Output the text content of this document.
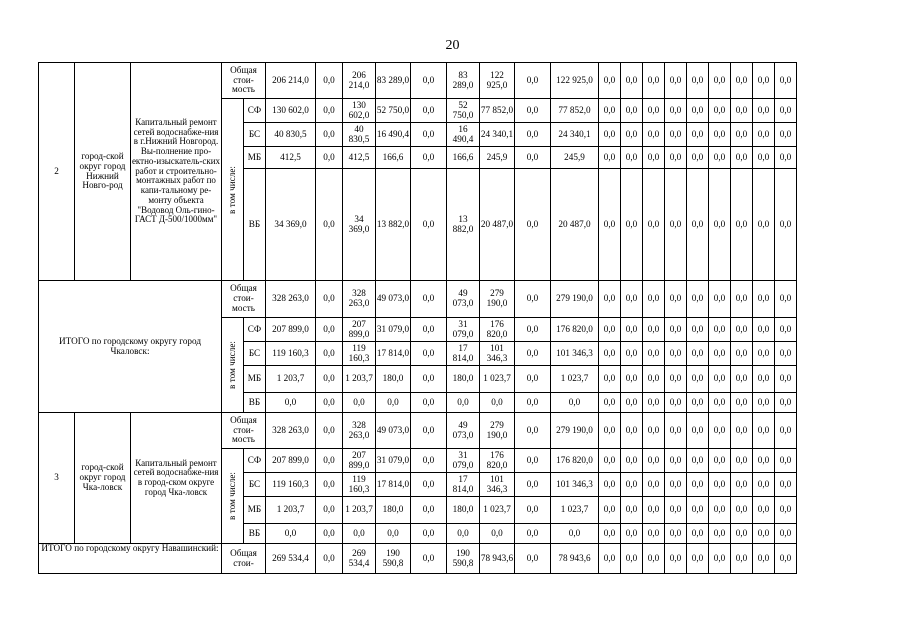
20
2	город-ской округ город Нижний Новго-род	Капитальный ремонт сетей водоснабже-ния в г.Нижний Новгород. Вы-полнение про-ектно-изыскатель-ских работ и строительно-монтажных работ по капи-тальному ре-монту объекта "Водовод Оль-гино-ГАСТ Д-500/1000мм"	Общая стои-мость		206 214,0	0,0	206 214,0	83 289,0	0,0	83 289,0	122 925,0	0,0	122 925,0	0,0	0,0	0,0	0,0	0,0	0,0	0,0	0,0	0,0

			в том числе:	СФ	130 602,0	0,0	130 602,0	52 750,0	0,0	52 750,0	77 852,0	0,0	77 852,0	0,0	0,0	0,0	0,0	0,0	0,0	0,0	0,0	0,0
				БС	40 830,5	0,0	40 830,5	16 490,4	0,0	16 490,4	24 340,1	0,0	24 340,1	0,0	0,0	0,0	0,0	0,0	0,0	0,0	0,0	0,0
				МБ	412,5	0,0	412,5	166,6	0,0	166,6	245,9	0,0	245,9	0,0	0,0	0,0	0,0	0,0	0,0	0,0	0,0	0,0
				ВБ	34 369,0	0,0	34 369,0	13 882,0	0,0	13 882,0	20 487,0	0,0	20 487,0	0,0	0,0	0,0	0,0	0,0	0,0	0,0	0,0	0,0
ИТОГО по городскому округу город Чкаловск:			Общая стои-мость		328 263,0	0,0	328 263,0	49 073,0	0,0	49 073,0	279 190,0	0,0	279 190,0	0,0	0,0	0,0	0,0	0,0	0,0	0,0	0,0	0,0

			в том числе:	СФ	207 899,0	0,0	207 899,0	31 079,0	0,0	31 079,0	176 820,0	0,0	176 820,0	0,0	0,0	0,0	0,0	0,0	0,0	0,0	0,0	0,0
				БС	119 160,3	0,0	119 160,3	17 814,0	0,0	17 814,0	101 346,3	0,0	101 346,3	0,0	0,0	0,0	0,0	0,0	0,0	0,0	0,0	0,0
				МБ	1 203,7	0,0	1 203,7	180,0	0,0	180,0	1 023,7	0,0	1 023,7	0,0	0,0	0,0	0,0	0,0	0,0	0,0	0,0	0,0
				ВБ	0,0	0,0	0,0	0,0	0,0	0,0	0,0	0,0	0,0	0,0	0,0	0,0	0,0	0,0	0,0	0,0	0,0	0,0
3	город-ской округ город Чка-ловск	Капитальный ремонт сетей водоснабже-ния в город-ском округе город Чка-ловск	Общая стои-мость		328 263,0	0,0	328 263,0	49 073,0	0,0	49 073,0	279 190,0	0,0	279 190,0	0,0	0,0	0,0	0,0	0,0	0,0	0,0	0,0	0,0

			в том числе:	СФ	207 899,0	0,0	207 899,0	31 079,0	0,0	31 079,0	176 820,0	0,0	176 820,0	0,0	0,0	0,0	0,0	0,0	0,0	0,0	0,0	0,0
				БС	119 160,3	0,0	119 160,3	17 814,0	0,0	17 814,0	101 346,3	0,0	101 346,3	0,0	0,0	0,0	0,0	0,0	0,0	0,0	0,0	0,0
				МБ	1 203,7	0,0	1 203,7	180,0	0,0	180,0	1 023,7	0,0	1 023,7	0,0	0,0	0,0	0,0	0,0	0,0	0,0	0,0	0,0
				ВБ	0,0	0,0	0,0	0,0	0,0	0,0	0,0	0,0	0,0	0,0	0,0	0,0	0,0	0,0	0,0	0,0	0,0	0,0
ИТОГО по городскому округу Навашинский:			Общая стои-		269 534,4	0,0	269 534,4	190 590,8	0,0	190 590,8	78 943,6	0,0	78 943,6	0,0	0,0	0,0	0,0	0,0	0,0	0,0	0,0	0,0
